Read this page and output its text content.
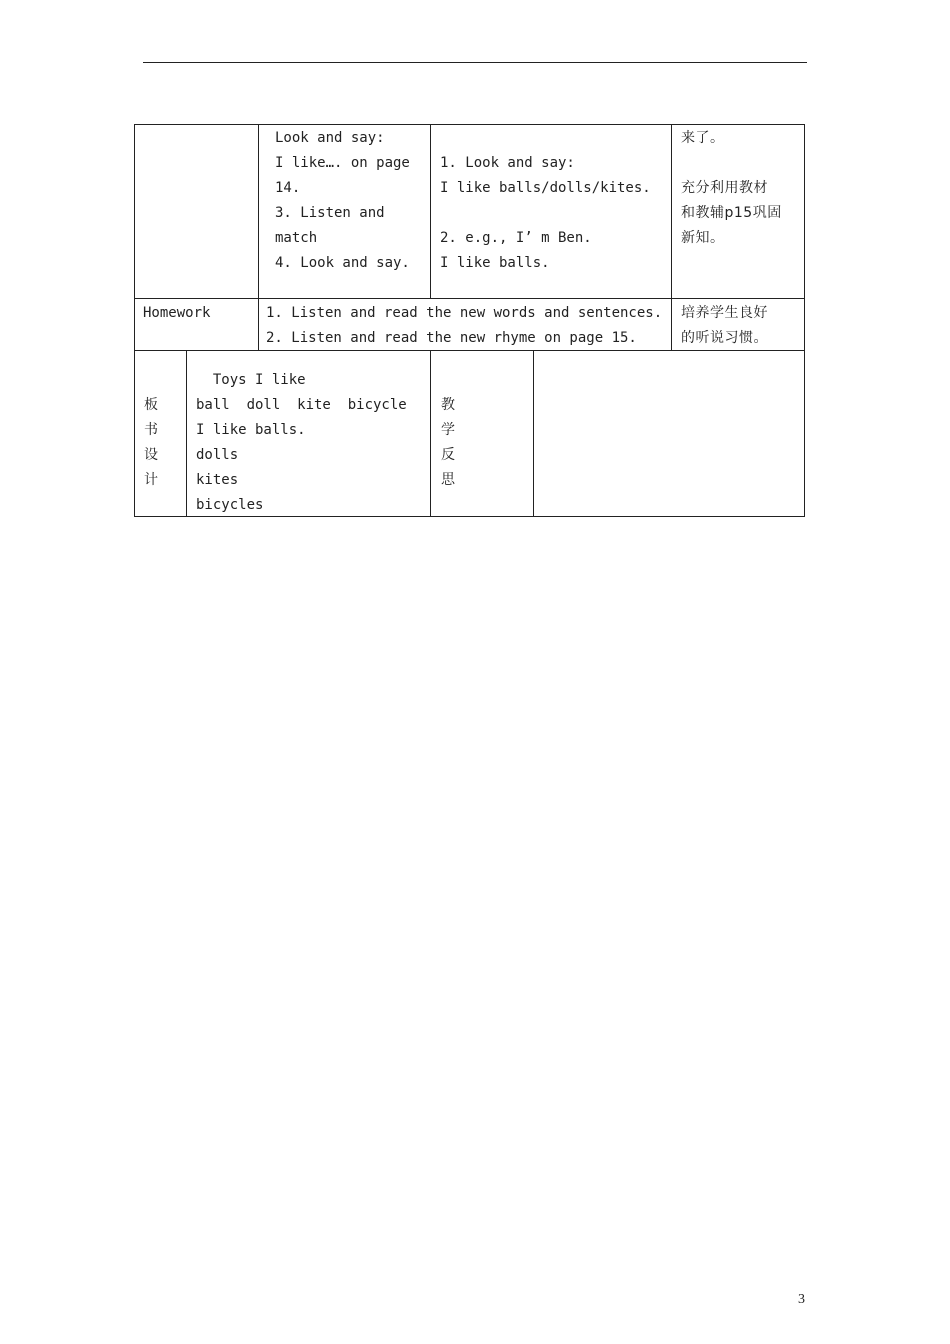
Look and say:
I like…. on page
14.
3. Listen and
match
4. Look and say.
1. Look and say:
I like balls/dolls/kites.
2. e.g., I’ m Ben.
I like balls.
来了。
充分利用教材
和教辅p15巩固
新知。
Homework	1. Listen and read the new words and sentences.
2. Listen and read the new rhyme on page 15.
培养学生良好
的听说习惯。
板
书
设
计
Toys I like
ball  doll  kite  bicycle
I like balls.
dolls
kites
bicycles
教
学
反
思
3
